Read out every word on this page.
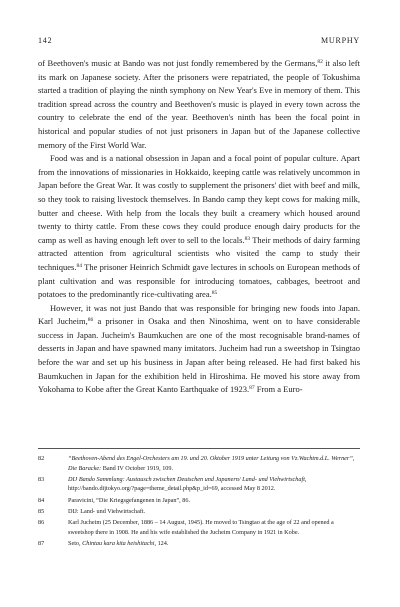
142	MURPHY

of Beethoven's music at Bando was not just fondly remembered by the Germans,$^{82}$ it also left its mark on Japanese society. After the prisoners were repatriated, the people of Tokushima started a tradition of playing the ninth symphony on New Year's Eve in memory of them. This tradition spread across the country and Beethoven's music is played in every town across the country to celebrate the end of the year. Beethoven's ninth has been the focal point in historical and popular studies of not just prisoners in Japan but of the Japanese collective memory of the First World War.

Food was and is a national obsession in Japan and a focal point of popular culture. Apart from the innovations of missionaries in Hokkaido, keeping cattle was relatively uncommon in Japan before the Great War. It was costly to supplement the prisoners' diet with beef and milk, so they took to raising livestock themselves. In Bando camp they kept cows for making milk, butter and cheese. With help from the locals they built a creamery which housed around twenty to thirty cattle. From these cows they could produce enough dairy products for the camp as well as having enough left over to sell to the locals.$^{83}$ Their methods of dairy farming attracted attention from agricultural scientists who visited the camp to study their techniques.$^{84}$ The prisoner Heinrich Schmidt gave lectures in schools on European methods of plant cultivation and was responsible for introducing tomatoes, cabbages, beetroot and potatoes to the predominantly rice-cultivating area.$^{85}$

However, it was not just Bando that was responsible for bringing new foods into Japan. Karl Jucheim,$^{86}$ a prisoner in Osaka and then Ninoshima, went on to have considerable success in Japan. Jucheim's Baumkuchen are one of the most recognisable brand-names of desserts in Japan and have spawned many imitators. Jucheim had run a sweetshop in Tsingtao before the war and set up his business in Japan after being released. He had first baked his Baumkuchen in Japan for the exhibition held in Hiroshima. He moved his store away from Yokohama to Kobe after the Great Kanto Earthquake of 1923.87 From a Euro-

82	“Beethoven-Abend des Engel-Orchesters am 19. und 20. Oktober 1919 unter Leitung von Vz.Wachtm.d.L. Werner”, Die Baracke: Band IV October 1919, 109.
83	DIJ Bando Sammlung: Austausch zwischen Deutschen und Japanern/ Land- und Viehwirtschaft, http://bando.dijtokyo.org/?page=theme_detail.php&p_id=69, accessed May 8 2012.
84	Paravicini, “Die Kriegsgefangenen in Japan”, 86.
85	DIJ: Land- und Viehwirtschaft.
86	Karl Jucheim (25 December, 1886 – 14 August, 1945). He moved to Tsingtao at the age of 22 and opened a sweetshop there in 1908. He and his wife established the Jucheim Company in 1921 in Kobe.
87	Seto, Chintau kara kita heishitachi, 124.
